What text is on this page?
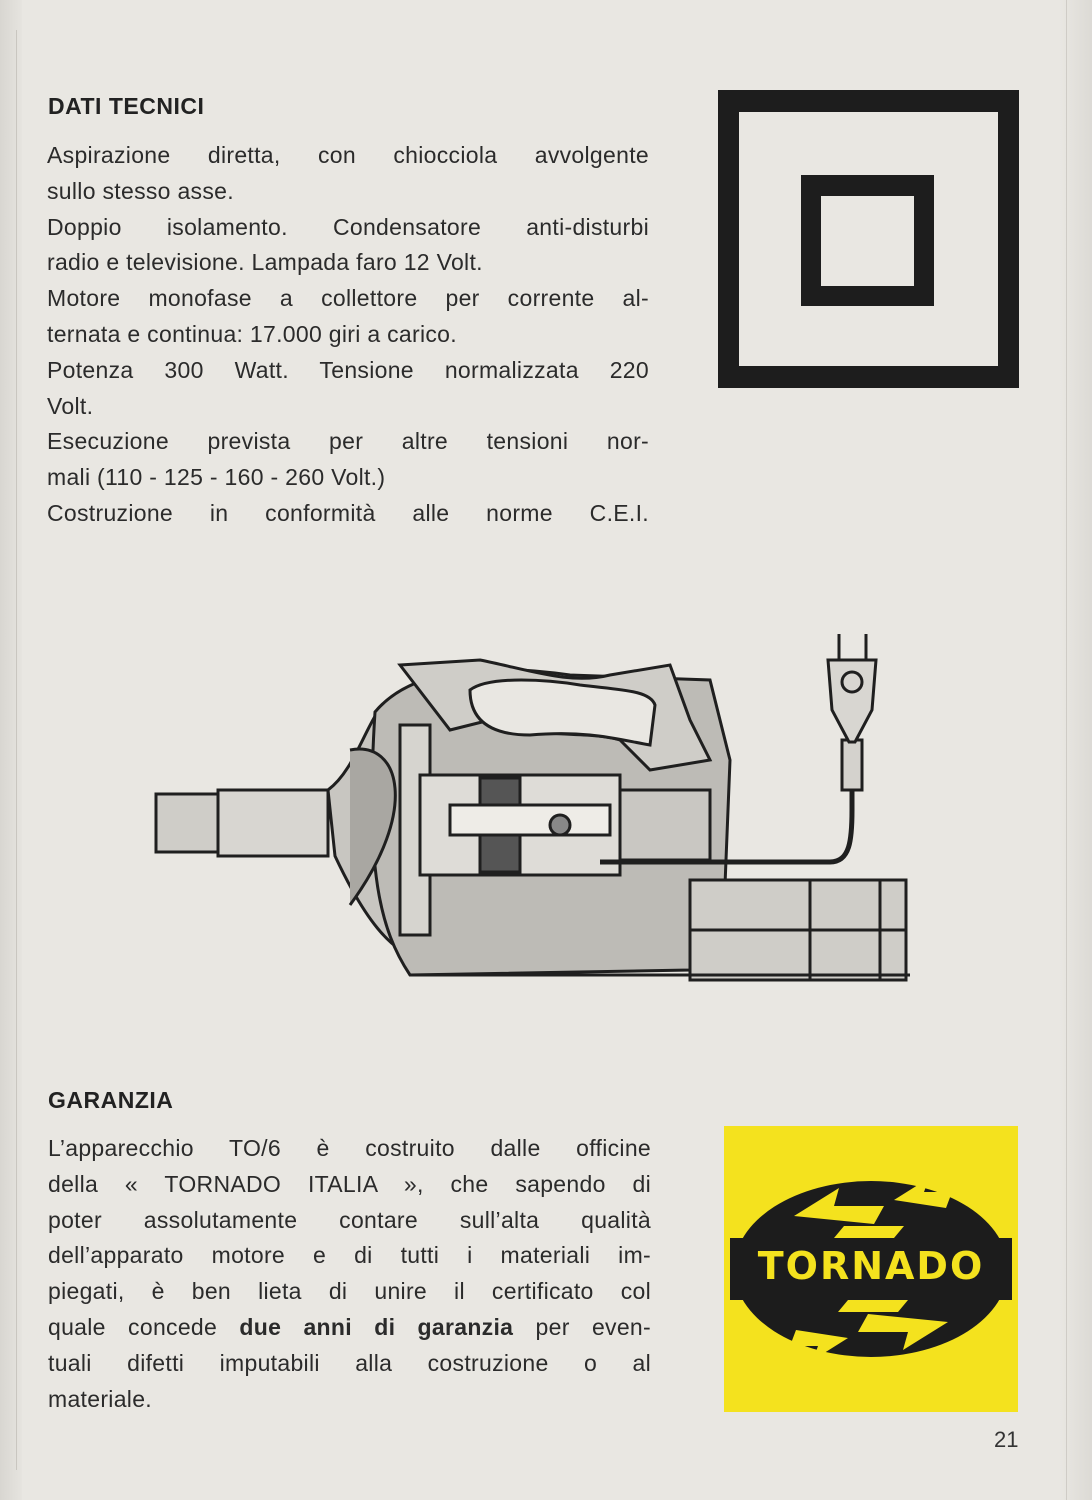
DATI TECNICI
Aspirazione diretta, con chiocciola avvolgente
sullo stesso asse.
Doppio isolamento. Condensatore anti-disturbi
radio e televisione. Lampada faro 12 Volt.
Motore monofase a collettore per corrente al-
ternata e continua: 17.000 giri a carico.
Potenza 300 Watt. Tensione normalizzata 220
Volt.
Esecuzione prevista per altre tensioni nor-
mali (110 - 125 - 160 - 260 Volt.)
Costruzione in conformità alle norme C.E.I.
GARANZIA
L’apparecchio TO/6 è costruito dalle officine
della « TORNADO ITALIA », che sapendo di
poter assolutamente contare sull’alta qualità
dell’apparato motore e di tutti i materiali im-
piegati, è ben lieta di unire il certificato col
quale concede due anni di garanzia per even-
tuali difetti imputabili alla costruzione o al
materiale.
TORNADO
21
